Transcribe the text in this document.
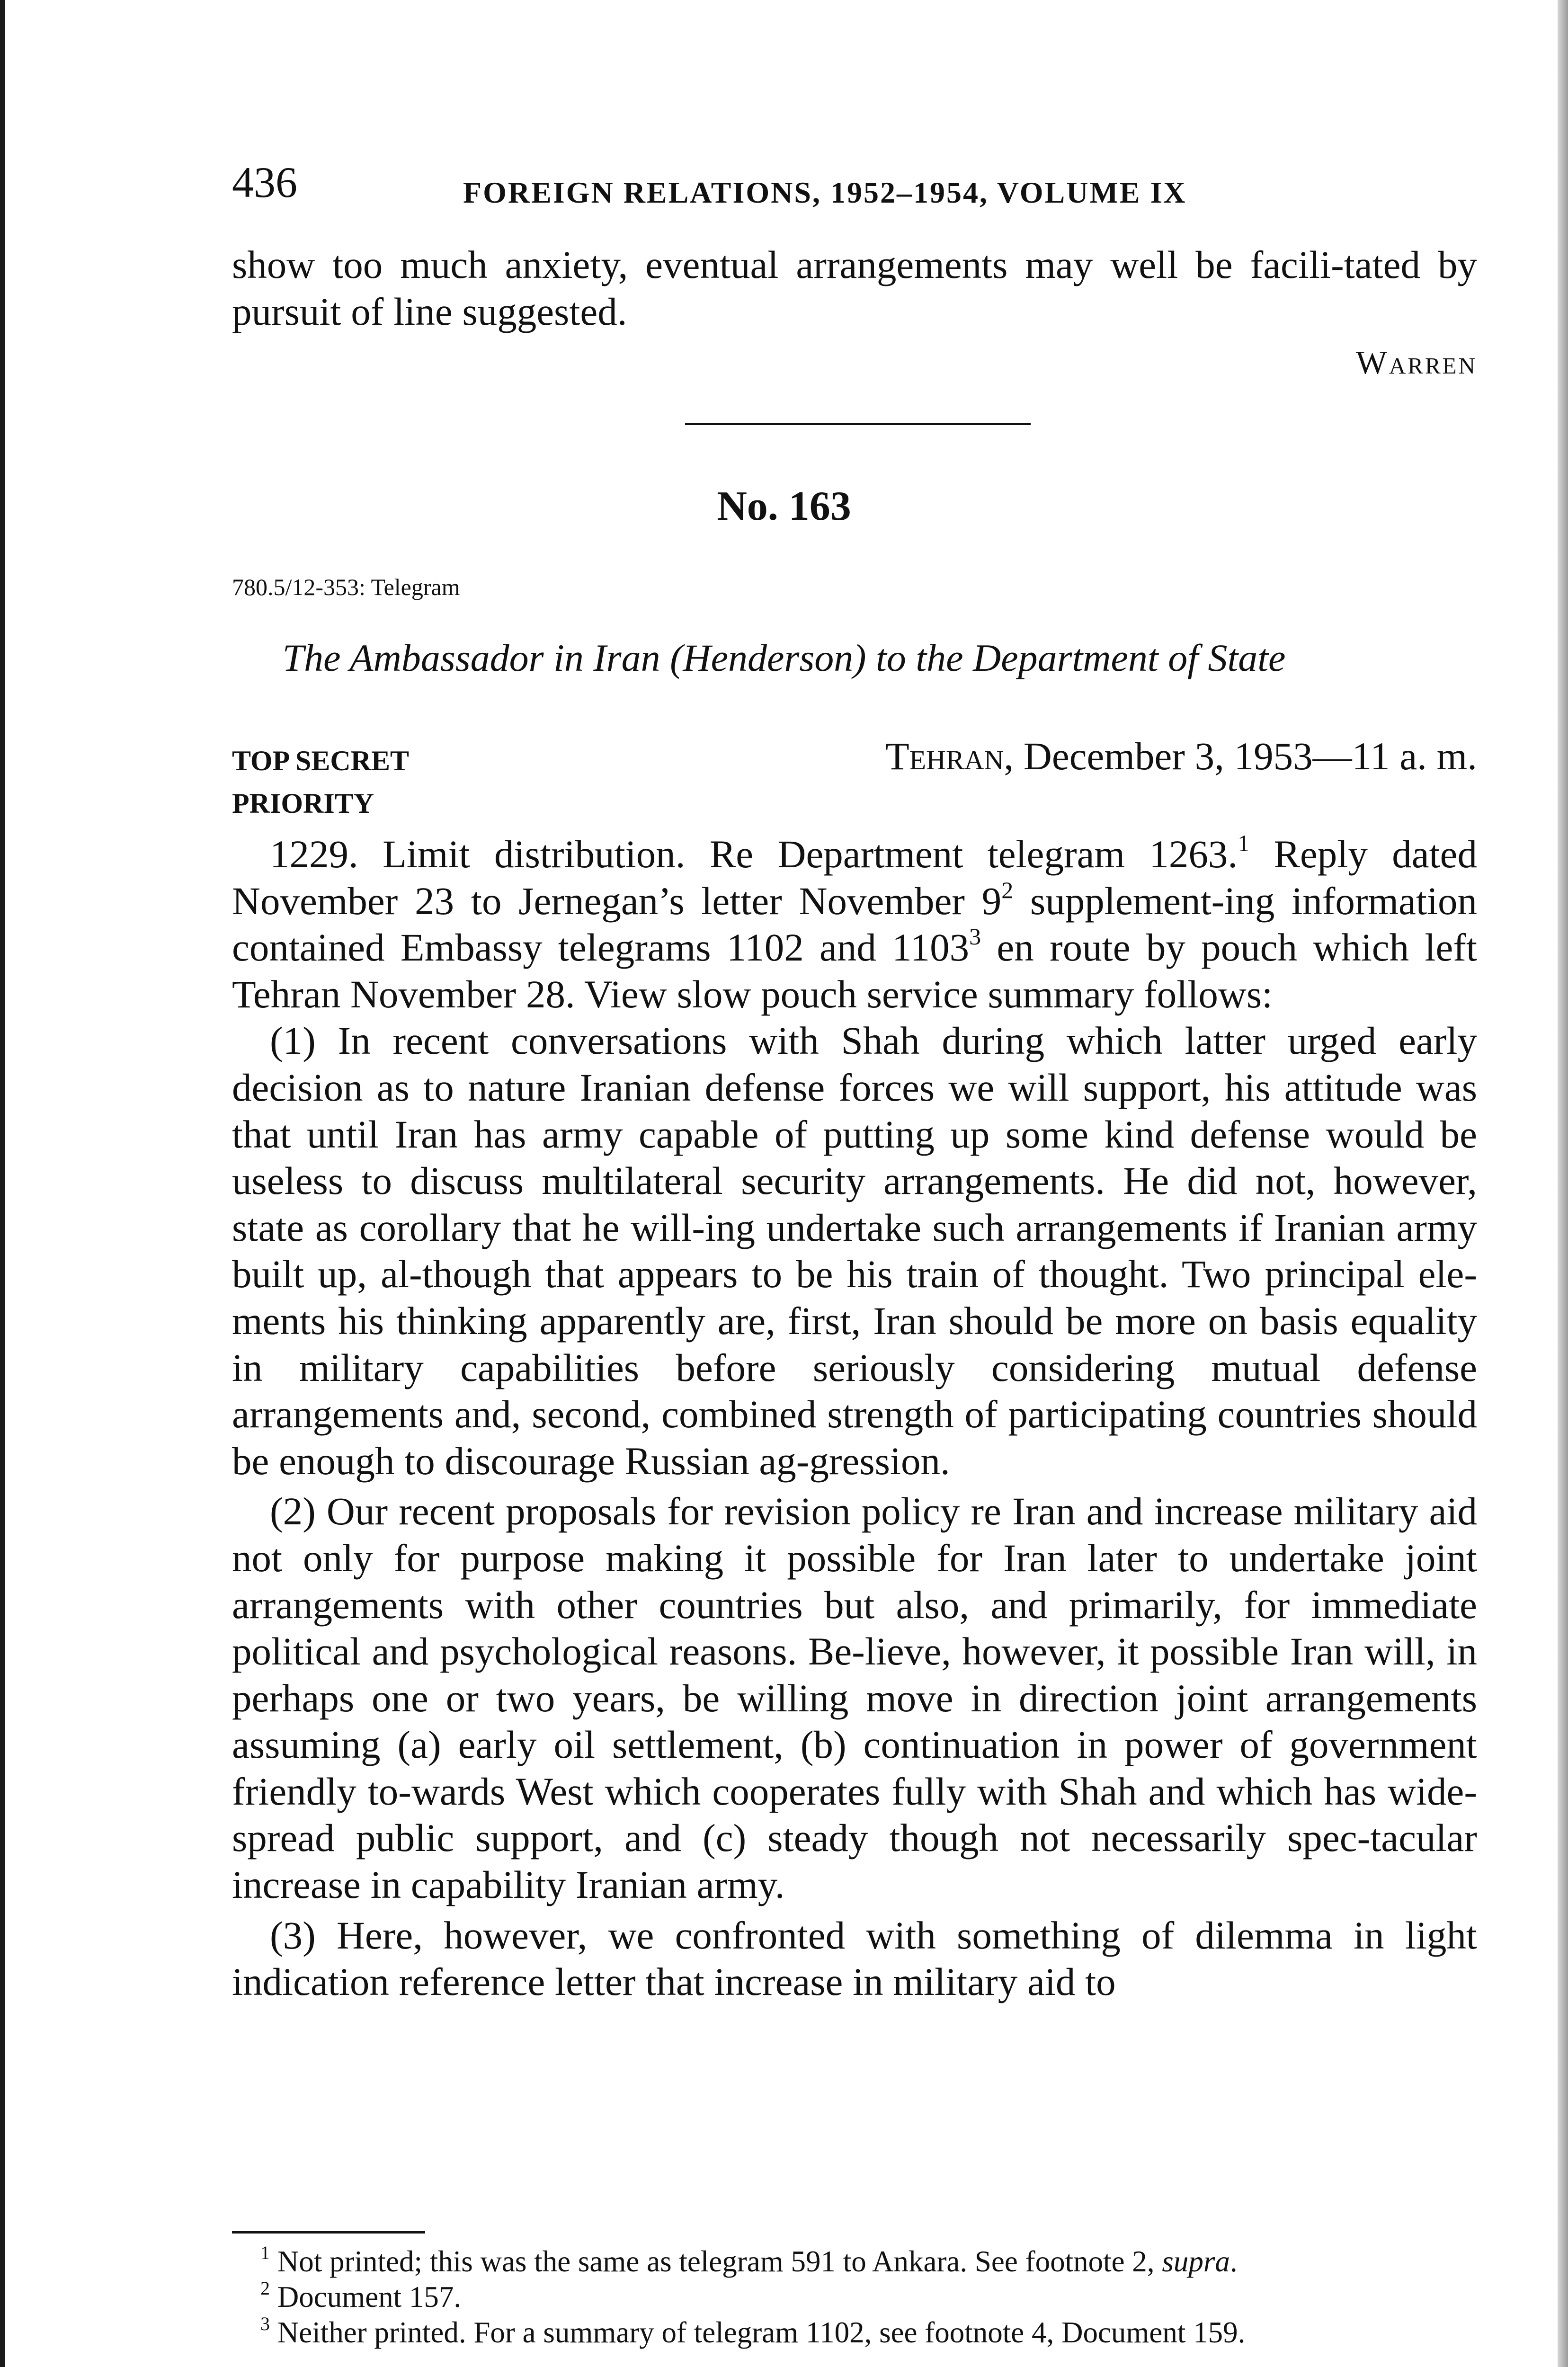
436	FOREIGN RELATIONS, 1952–1954, VOLUME IX
show too much anxiety, eventual arrangements may well be facili-tated by pursuit of line suggested.
Warren
No. 163
780.5/12-353: Telegram
The Ambassador in Iran (Henderson) to the Department of State
TOP SECRET
PRIORITY
Tehran, December 3, 1953—11 a. m.

1229. Limit distribution. Re Department telegram 1263.$^1$ Reply dated November 23 to Jernegan’s letter November $9^2$ supplement-ing information contained Embassy telegrams 1102 and 1103$^3$ en route by pouch which left Tehran November 28. View slow pouch service summary follows:

(1) In recent conversations with Shah during which latter urged early decision as to nature Iranian defense forces we will support, his attitude was that until Iran has army capable of putting up some kind defense would be useless to discuss multilateral security arrangements. He did not, however, state as corollary that he will-ing undertake such arrangements if Iranian army built up, al-though that appears to be his train of thought. Two principal ele-ments his thinking apparently are, first, Iran should be more on basis equality in military capabilities before seriously considering mutual defense arrangements and, second, combined strength of participating countries should be enough to discourage Russian ag-gression.

(2) Our recent proposals for revision policy re Iran and increase military aid not only for purpose making it possible for Iran later to undertake joint arrangements with other countries but also, and primarily, for immediate political and psychological reasons. Be-lieve, however, it possible Iran will, in perhaps one or two years, be willing move in direction joint arrangements assuming (a) early oil settlement, (b) continuation in power of government friendly to-wards West which cooperates fully with Shah and which has wide-spread public support, and (c) steady though not necessarily spec-tacular increase in capability Iranian army.

(3) Here, however, we confronted with something of dilemma in light indication reference letter that increase in military aid to

$^1$ Not printed; this was the same as telegram 591 to Ankara. See footnote 2, supra.
$^2$ Document 157.
$^3$ Neither printed. For a summary of telegram 1102, see footnote 4, Document 159.
